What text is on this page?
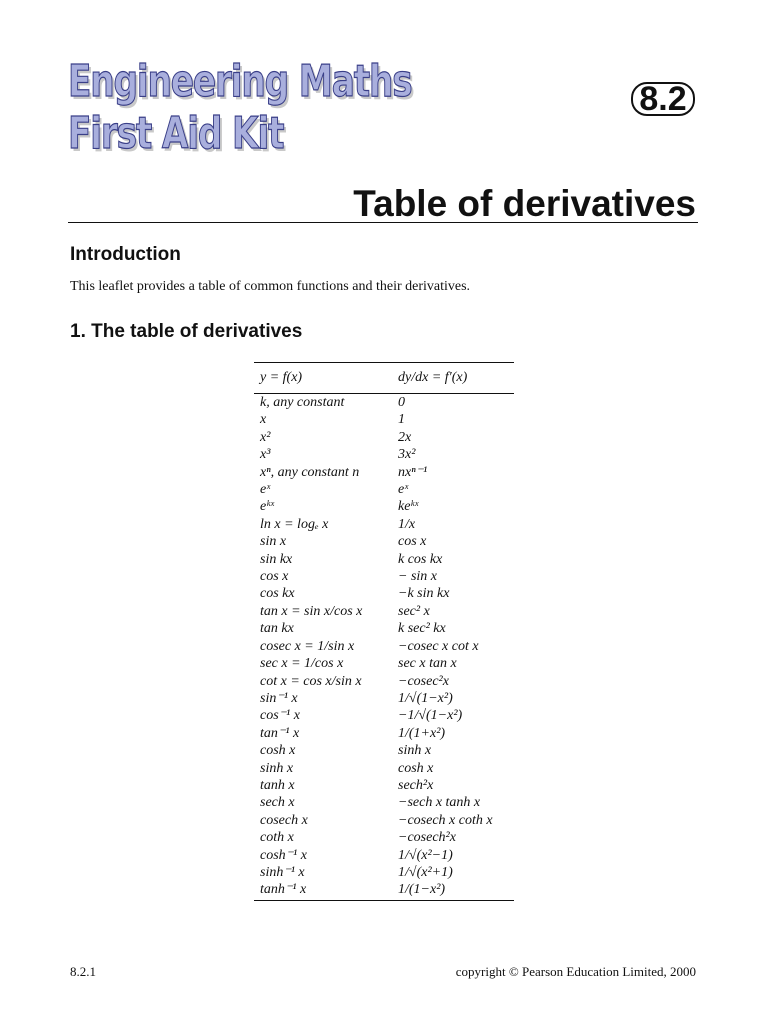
Engineering Maths
First Aid Kit
8.2
Table of derivatives
Introduction
This leaflet provides a table of common functions and their derivatives.
1. The table of derivatives
y = f(x)	dy/dx = f′(x)
k, any constant	0
x	1
x²	2x
x³	3x²
xⁿ, any constant n	nxⁿ⁻¹
eˣ	eˣ
eᵏˣ	keᵏˣ
ln x = logₑ x	1/x
sin x	cos x
sin kx	k cos kx
cos x	− sin x
cos kx	−k sin kx
tan x = sin x/cos x	sec² x
tan kx	k sec² kx
cosec x = 1/sin x	−cosec x cot x
sec x = 1/cos x	sec x tan x
cot x = cos x/sin x	−cosec²x
sin⁻¹ x	1/√(1−x²)
cos⁻¹ x	−1/√(1−x²)
tan⁻¹ x	1/(1+x²)
cosh x	sinh x
sinh x	cosh x
tanh x	sech²x
sech x	−sech x tanh x
cosech x	−cosech x coth x
coth x	−cosech²x
cosh⁻¹ x	1/√(x²−1)
sinh⁻¹ x	1/√(x²+1)
tanh⁻¹ x	1/(1−x²)
8.2.1	copyright © Pearson Education Limited, 2000
